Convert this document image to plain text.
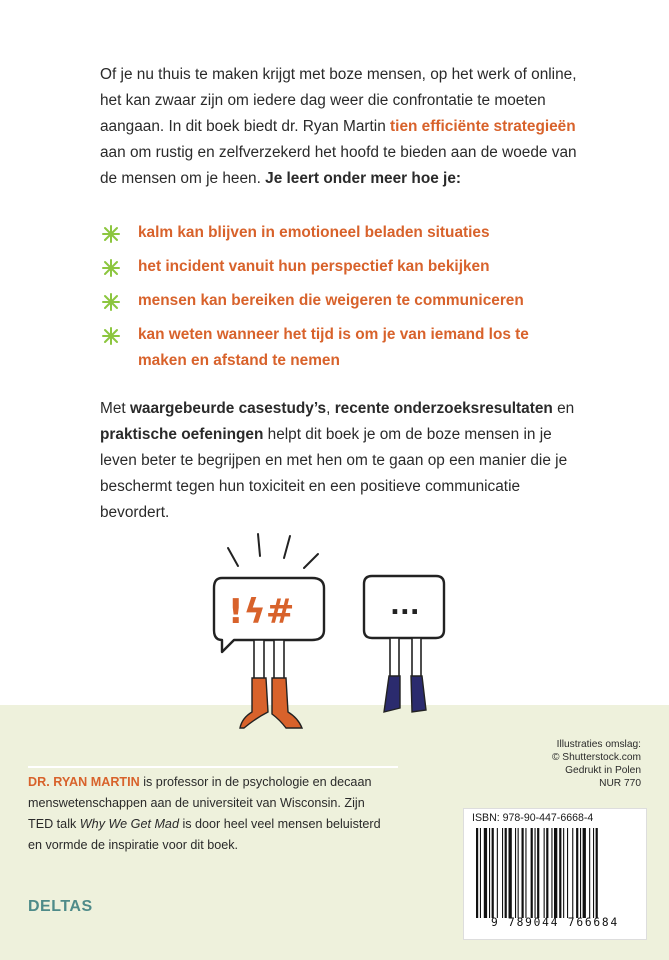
Of je nu thuis te maken krijgt met boze mensen, op het werk of online, het kan zwaar zijn om iedere dag weer die confrontatie te moeten aangaan. In dit boek biedt dr. Ryan Martin tien efficiënte strategieën aan om rustig en zelfverzekerd het hoofd te bieden aan de woede van de mensen om je heen. Je leert onder meer hoe je:

kalm kan blijven in emotioneel beladen situaties
het incident vanuit hun perspectief kan bekijken
mensen kan bereiken die weigeren te communiceren
kan weten wanneer het tijd is om je van iemand los te maken en afstand te nemen

Met waargebeurde casestudy’s, recente onderzoeksresultaten en praktische oefeningen helpt dit boek je om de boze mensen in je leven beter te begrijpen en met hen om te gaan op een manier die je beschermt tegen hun toxiciteit en een positieve communicatie bevordert.

!ϟ#	...

DR. RYAN MARTIN is professor in de psychologie en decaan menswetenschappen aan de universiteit van Wisconsin. Zijn TED talk Why We Get Mad is door heel veel mensen beluisterd en vormde de inspiratie voor dit boek.

DELTAS
Illustraties omslag:
© Shutterstock.com
Gedrukt in Polen
NUR 770
ISBN: 978-90-447-6668-4
9 789044 766684
